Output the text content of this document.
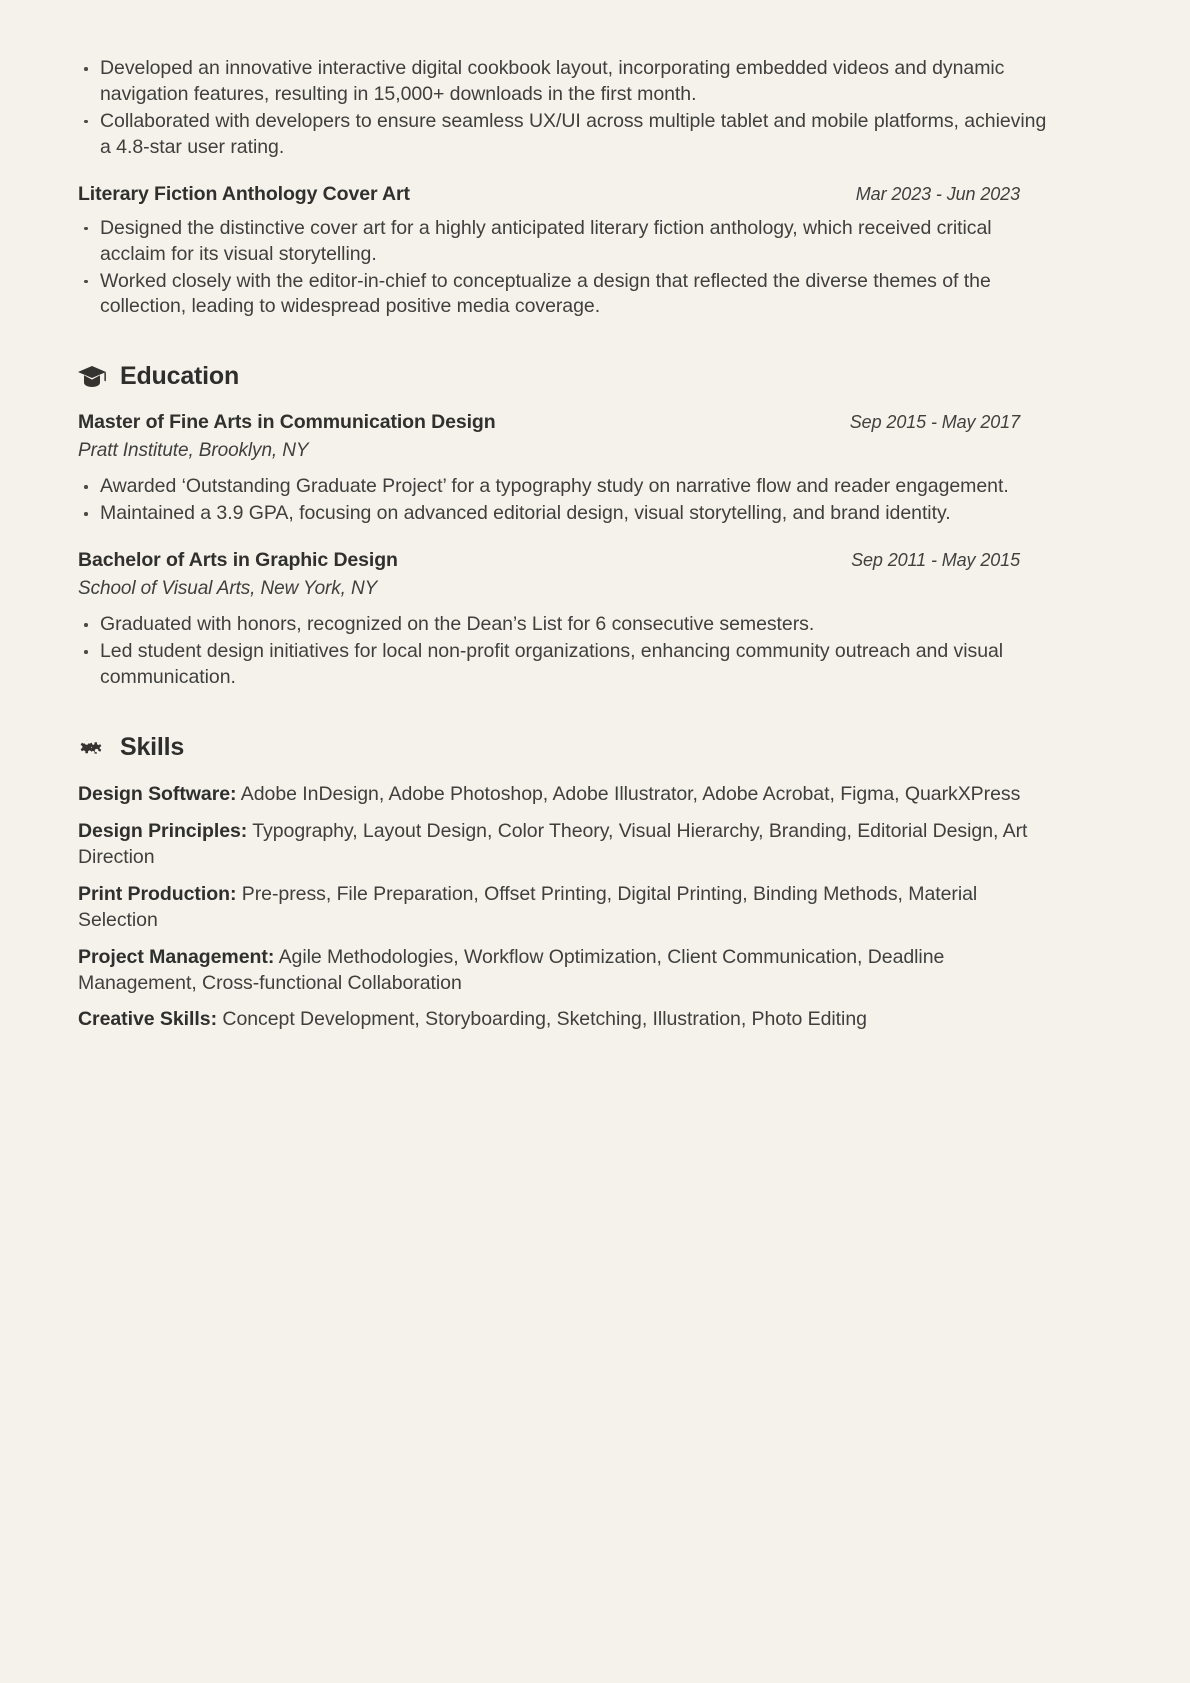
Developed an innovative interactive digital cookbook layout, incorporating embedded videos and dynamic navigation features, resulting in 15,000+ downloads in the first month.
Collaborated with developers to ensure seamless UX/UI across multiple tablet and mobile platforms, achieving a 4.8-star user rating.
Literary Fiction Anthology Cover Art	Mar 2023 - Jun 2023
Designed the distinctive cover art for a highly anticipated literary fiction anthology, which received critical acclaim for its visual storytelling.
Worked closely with the editor-in-chief to conceptualize a design that reflected the diverse themes of the collection, leading to widespread positive media coverage.
Education
Master of Fine Arts in Communication Design	Sep 2015 - May 2017
Pratt Institute, Brooklyn, NY
Awarded ‘Outstanding Graduate Project’ for a typography study on narrative flow and reader engagement.
Maintained a 3.9 GPA, focusing on advanced editorial design, visual storytelling, and brand identity.
Bachelor of Arts in Graphic Design	Sep 2011 - May 2015
School of Visual Arts, New York, NY
Graduated with honors, recognized on the Dean’s List for 6 consecutive semesters.
Led student design initiatives for local non-profit organizations, enhancing community outreach and visual communication.
Skills
Design Software: Adobe InDesign, Adobe Photoshop, Adobe Illustrator, Adobe Acrobat, Figma, QuarkXPress
Design Principles: Typography, Layout Design, Color Theory, Visual Hierarchy, Branding, Editorial Design, Art Direction
Print Production: Pre-press, File Preparation, Offset Printing, Digital Printing, Binding Methods, Material Selection
Project Management: Agile Methodologies, Workflow Optimization, Client Communication, Deadline Management, Cross-functional Collaboration
Creative Skills: Concept Development, Storyboarding, Sketching, Illustration, Photo Editing
